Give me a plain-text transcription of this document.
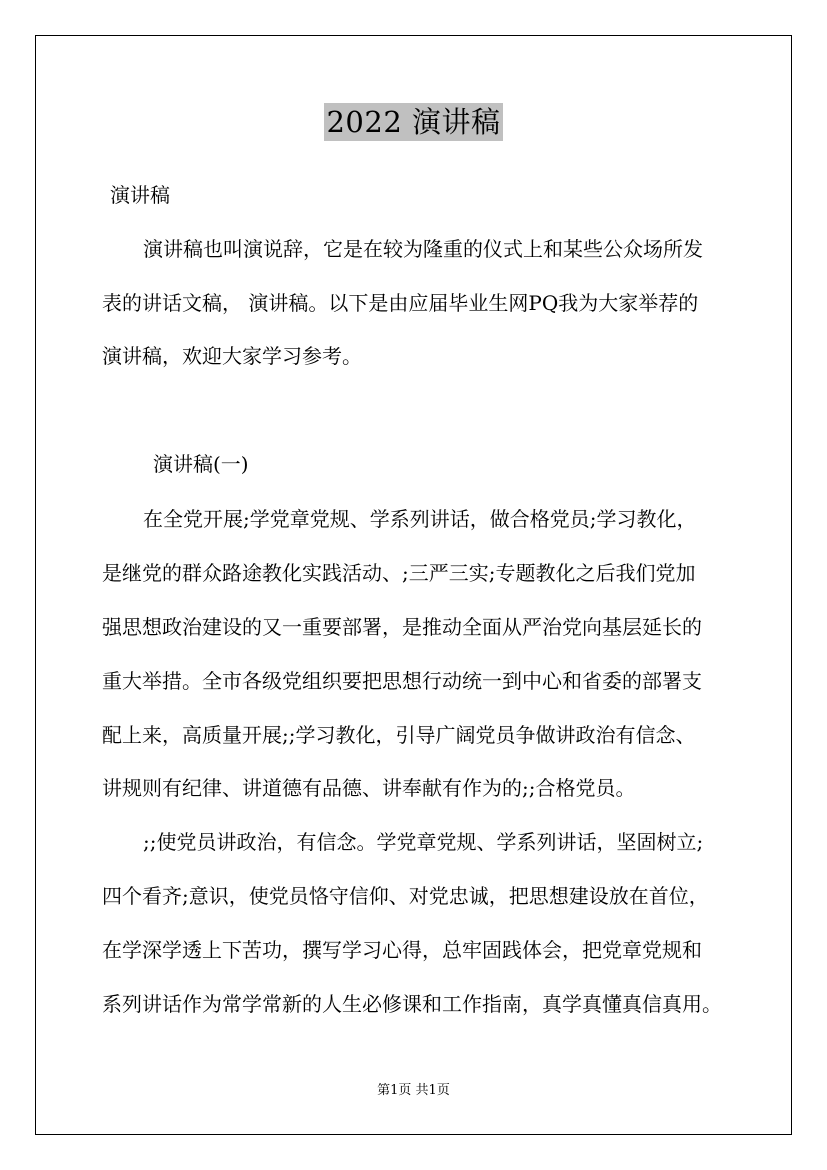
2022 演讲稿
演讲稿
演讲稿也叫演说辞，它是在较为隆重的仪式上和某些公众场所发
表的讲话文稿， 演讲稿。以下是由应届毕业生网PQ我为大家举荐的
演讲稿，欢迎大家学习参考。
演讲稿(一)
在全党开展;学党章党规、学系列讲话，做合格党员;学习教化，
是继党的群众路途教化实践活动、;三严三实;专题教化之后我们党加
强思想政治建设的又一重要部署，是推动全面从严治党向基层延长的
重大举措。全市各级党组织要把思想行动统一到中心和省委的部署支
配上来，高质量开展;;学习教化，引导广阔党员争做讲政治有信念、
讲规则有纪律、讲道德有品德、讲奉献有作为的;;合格党员。
;;使党员讲政治，有信念。学党章党规、学系列讲话，坚固树立;
四个看齐;意识，使党员恪守信仰、对党忠诚，把思想建设放在首位，
在学深学透上下苦功，撰写学习心得，总牢固践体会，把党章党规和
系列讲话作为常学常新的人生必修课和工作指南，真学真懂真信真用。
第1页 共1页
